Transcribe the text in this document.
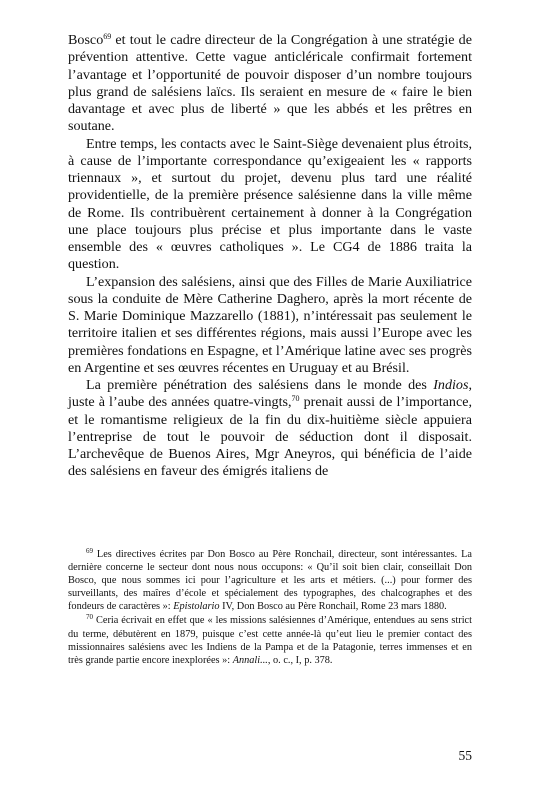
Bosco$^{69}$ et tout le cadre directeur de la Congrégation à une stratégie de prévention attentive. Cette vague anticléricale confirmait fortement l’avantage et l’opportunité de pouvoir disposer d’un nombre toujours plus grand de salésiens laïcs. Ils seraient en mesure de « faire le bien davantage et avec plus de liberté » que les abbés et les prêtres en soutane.

Entre temps, les contacts avec le Saint-Siège devenaient plus étroits, à cause de l’importante correspondance qu’exigeaient les « rapports triennaux », et surtout du projet, devenu plus tard une réalité providentielle, de la première présence salésienne dans la ville même de Rome. Ils contribuèrent certainement à donner à la Congrégation une place toujours plus précise et plus importante dans le vaste ensemble des « œuvres catholiques ». Le CG4 de 1886 traita la question.

L’expansion des salésiens, ainsi que des Filles de Marie Auxiliatrice sous la conduite de Mère Catherine Daghero, après la mort récente de S. Marie Dominique Mazzarello (1881), n’intéressait pas seulement le territoire italien et ses différentes régions, mais aussi l’Europe avec les premières fondations en Espagne, et l’Amérique latine avec ses progrès en Argentine et ses œuvres récentes en Uruguay et au Brésil.

La première pénétration des salésiens dans le monde des Indios, juste à l’aube des années quatre-vingts,$^{70}$ prenait aussi de l’importance, et le romantisme religieux de la fin du dix-huitième siècle appuiera l’entreprise de tout le pouvoir de séduction dont il disposait. L’archevêque de Buenos Aires, Mgr Aneyros, qui bénéficia de l’aide des salésiens en faveur des émigrés italiens de

$^{69}$ Les directives écrites par Don Bosco au Père Ronchail, directeur, sont intéressantes. La dernière concerne le secteur dont nous nous occupons: « Qu’il soit bien clair, conseillait Don Bosco, que nous sommes ici pour l’agriculture et les arts et métiers. (...) pour former des surveillants, des maîres d’école et spécialement des typographes, des chalcographes et des fondeurs de caractères »: Epistolario IV, Don Bosco au Père Ronchail, Rome 23 mars 1880.

$^{70}$ Ceria écrivait en effet que « les missions salésiennes d’Amérique, entendues au sens strict du terme, débutèrent en 1879, puisque c’est cette année-là qu’eut lieu le premier contact des missionnaires salésiens avec les Indiens de la Pampa et de la Patagonie, terres immenses et en très grande partie encore inexplorées »: Annali..., o. c., I, p. 378.

55
